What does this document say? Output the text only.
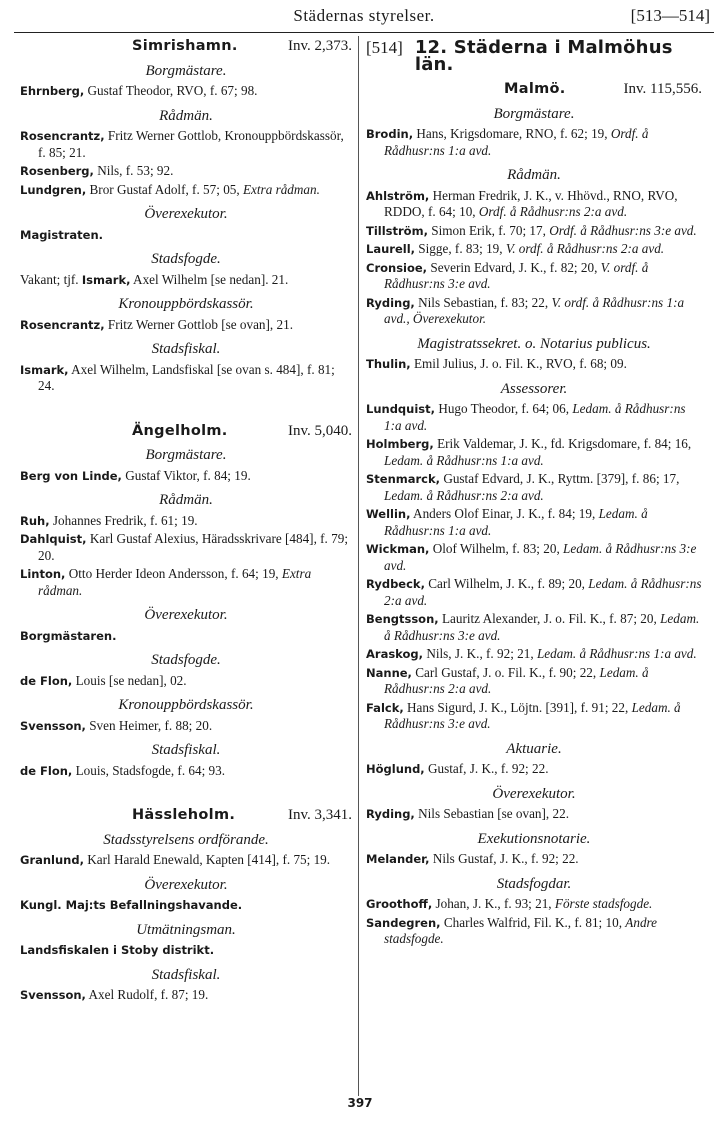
Städernas styrelser.	[513—514]
Simrishamn.	Inv. 2,373.
Borgmästare.
Ehrnberg, Gustaf Theodor, RVO, f. 67; 98.
Rådmän.
Rosencrantz, Fritz Werner Gottlob, Kronouppbördskassör, f. 85; 21.
Rosenberg, Nils, f. 53; 92.
Lundgren, Bror Gustaf Adolf, f. 57; 05, Extra rådman.
Överexekutor.
Magistraten.
Stadsfogde.
Vakant; tjf. Ismark, Axel Wilhelm [se nedan]. 21.
Kronouppbördskassör.
Rosencrantz, Fritz Werner Gottlob [se ovan], 21.
Stadsfiskal.
Ismark, Axel Wilhelm, Landsfiskal [se ovan s. 484], f. 81; 24.
Ängelholm.	Inv. 5,040.
Borgmästare.
Berg von Linde, Gustaf Viktor, f. 84; 19.
Rådmän.
Ruh, Johannes Fredrik, f. 61; 19.
Dahlquist, Karl Gustaf Alexius, Häradsskrivare [484], f. 79; 20.
Linton, Otto Herder Ideon Andersson, f. 64; 19, Extra rådman.
Överexekutor.
Borgmästaren.
Stadsfogde.
de Flon, Louis [se nedan], 02.
Kronouppbördskassör.
Svensson, Sven Heimer, f. 88; 20.
Stadsfiskal.
de Flon, Louis, Stadsfogde, f. 64; 93.
Hässleholm.	Inv. 3,341.
Stadsstyrelsens ordförande.
Granlund, Karl Harald Enewald, Kapten [414], f. 75; 19.
Överexekutor.
Kungl. Maj:ts Befallningshavande.
Utmätningsman.
Landsfiskalen i Stoby distrikt.
Stadsfiskal.
Svensson, Axel Rudolf, f. 87; 19.
[514] 12. Städerna i Malmöhus län.
Malmö.	Inv. 115,556.
Borgmästare.
Brodin, Hans, Krigsdomare, RNO, f. 62; 19, Ordf. å Rådhusr:ns 1:a avd.
Rådmän.
Ahlström, Herman Fredrik, J. K., v. Hhövd., RNO, RVO, RDDO, f. 64; 10, Ordf. å Rådhusr:ns 2:a avd.
Tillström, Simon Erik, f. 70; 17, Ordf. å Rådhusr:ns 3:e avd.
Laurell, Sigge, f. 83; 19, V. ordf. å Rådhusr:ns 2:a avd.
Cronsioe, Severin Edvard, J. K., f. 82; 20, V. ordf. å Rådhusr:ns 3:e avd.
Ryding, Nils Sebastian, f. 83; 22, V. ordf. å Rådhusr:ns 1:a avd., Överexekutor.
Magistratssekret. o. Notarius publicus.
Thulin, Emil Julius, J. o. Fil. K., RVO, f. 68; 09.
Assessorer.
Lundquist, Hugo Theodor, f. 64; 06, Ledam. å Rådhusr:ns 1:a avd.
Holmberg, Erik Valdemar, J. K., fd. Krigsdomare, f. 84; 16, Ledam. å Rådhusr:ns 1:a avd.
Stenmarck, Gustaf Edvard, J. K., Ryttm. [379], f. 86; 17, Ledam. å Rådhusr:ns 2:a avd.
Wellin, Anders Olof Einar, J. K., f. 84; 19, Ledam. å Rådhusr:ns 1:a avd.
Wickman, Olof Wilhelm, f. 83; 20, Ledam. å Rådhusr:ns 3:e avd.
Rydbeck, Carl Wilhelm, J. K., f. 89; 20, Ledam. å Rådhusr:ns 2:a avd.
Bengtsson, Lauritz Alexander, J. o. Fil. K., f. 87; 20, Ledam. å Rådhusr:ns 3:e avd.
Araskog, Nils, J. K., f. 92; 21, Ledam. å Rådhusr:ns 1:a avd.
Nanne, Carl Gustaf, J. o. Fil. K., f. 90; 22, Ledam. å Rådhusr:ns 2:a avd.
Falck, Hans Sigurd, J. K., Löjtn. [391], f. 91; 22, Ledam. å Rådhusr:ns 3:e avd.
Aktuarie.
Höglund, Gustaf, J. K., f. 92; 22.
Överexekutor.
Ryding, Nils Sebastian [se ovan], 22.
Exekutionsnotarie.
Melander, Nils Gustaf, J. K., f. 92; 22.
Stadsfogdar.
Groothoff, Johan, J. K., f. 93; 21, Förste stadsfogde.
Sandegren, Charles Walfrid, Fil. K., f. 81; 10, Andre stadsfogde.
397
